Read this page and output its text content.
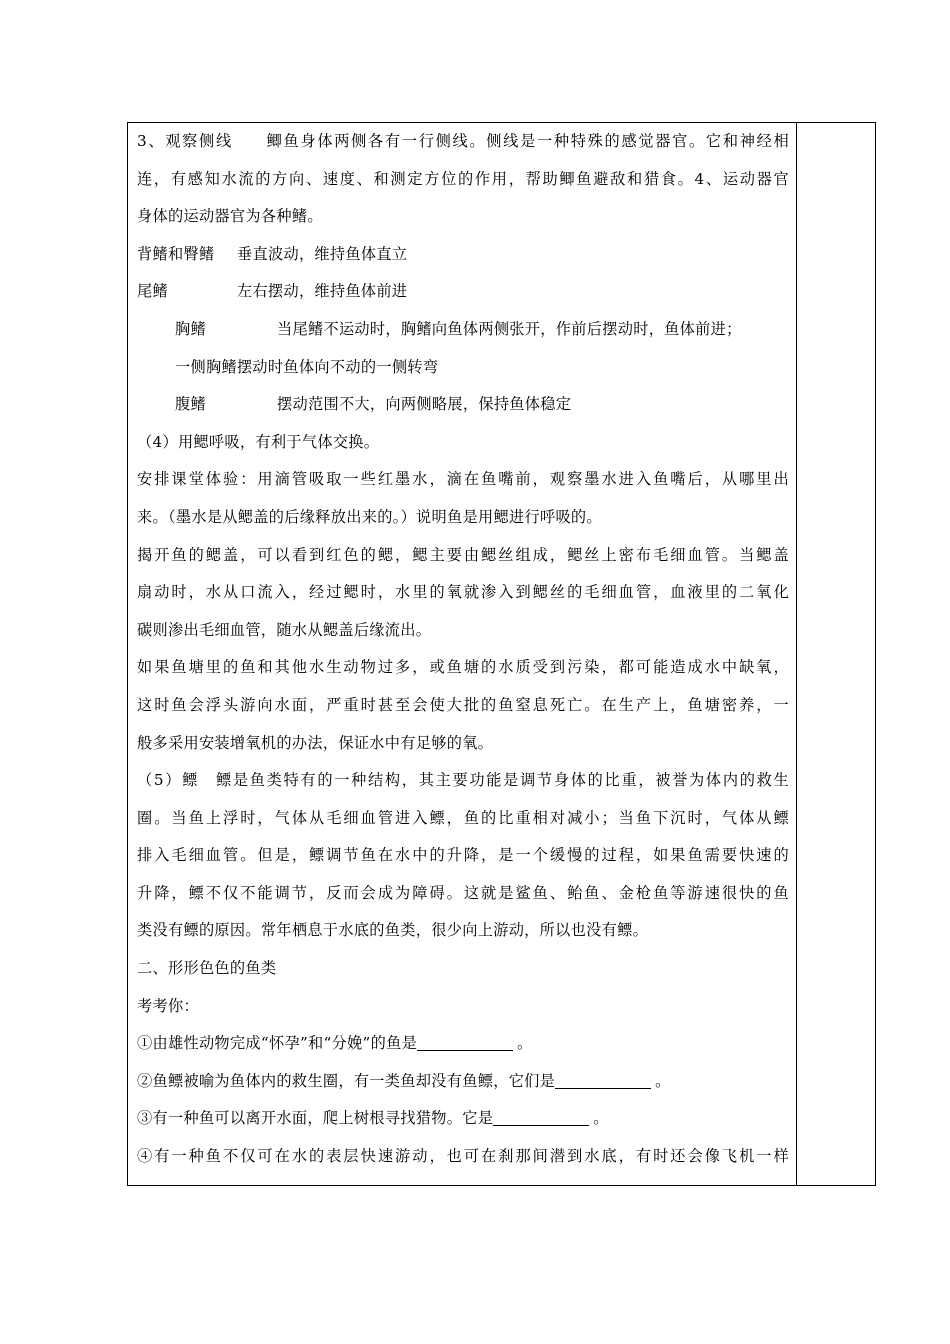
3、观察侧线　　鲫鱼身体两侧各有一行侧线。侧线是一种特殊的感觉器官。它和神经相
连，有感知水流的方向、速度、和测定方位的作用，帮助鲫鱼避敌和猎食。4、运动器官
身体的运动器官为各种鳍。
背鳍和臀鳍 垂直波动，维持鱼体直立
尾鳍	左右摆动，维持鱼体前进
胸鳍	当尾鳍不运动时，胸鳍向鱼体两侧张开，作前后摆动时，鱼体前进；
一侧胸鳍摆动时鱼体向不动的一侧转弯
腹鳍	摆动范围不大，向两侧略展，保持鱼体稳定
（4）用鳃呼吸，有利于气体交换。
安排课堂体验：用滴管吸取一些红墨水，滴在鱼嘴前，观察墨水进入鱼嘴后，从哪里出
来。（墨水是从鳃盖的后缘释放出来的。）说明鱼是用鳃进行呼吸的。
揭开鱼的鳃盖，可以看到红色的鳃，鳃主要由鳃丝组成，鳃丝上密布毛细血管。当鳃盖
扇动时，水从口流入，经过鳃时，水里的氧就渗入到鳃丝的毛细血管，血液里的二氧化
碳则渗出毛细血管，随水从鳃盖后缘流出。
如果鱼塘里的鱼和其他水生动物过多，或鱼塘的水质受到污染，都可能造成水中缺氧，
这时鱼会浮头游向水面，严重时甚至会使大批的鱼窒息死亡。在生产上，鱼塘密养，一
般多采用安装增氧机的办法，保证水中有足够的氧。
（5）鳔　鳔是鱼类特有的一种结构，其主要功能是调节身体的比重，被誉为体内的救生
圈。当鱼上浮时，气体从毛细血管进入鳔，鱼的比重相对减小；当鱼下沉时，气体从鳔
排入毛细血管。但是，鳔调节鱼在水中的升降，是一个缓慢的过程，如果鱼需要快速的
升降，鳔不仅不能调节，反而会成为障碍。这就是鲨鱼、鲐鱼、金枪鱼等游速很快的鱼
类没有鳔的原因。常年栖息于水底的鱼类，很少向上游动，所以也没有鳔。
二、形形色色的鱼类
考考你：
①由雄性动物完成“怀孕”和“分娩”的鱼是	。
②鱼鳔被喻为鱼体内的救生圈，有一类鱼却没有鱼鳔，它们是	。
③有一种鱼可以离开水面，爬上树根寻找猎物。它是	。
④有一种鱼不仅可在水的表层快速游动，也可在刹那间潜到水底，有时还会像飞机一样
